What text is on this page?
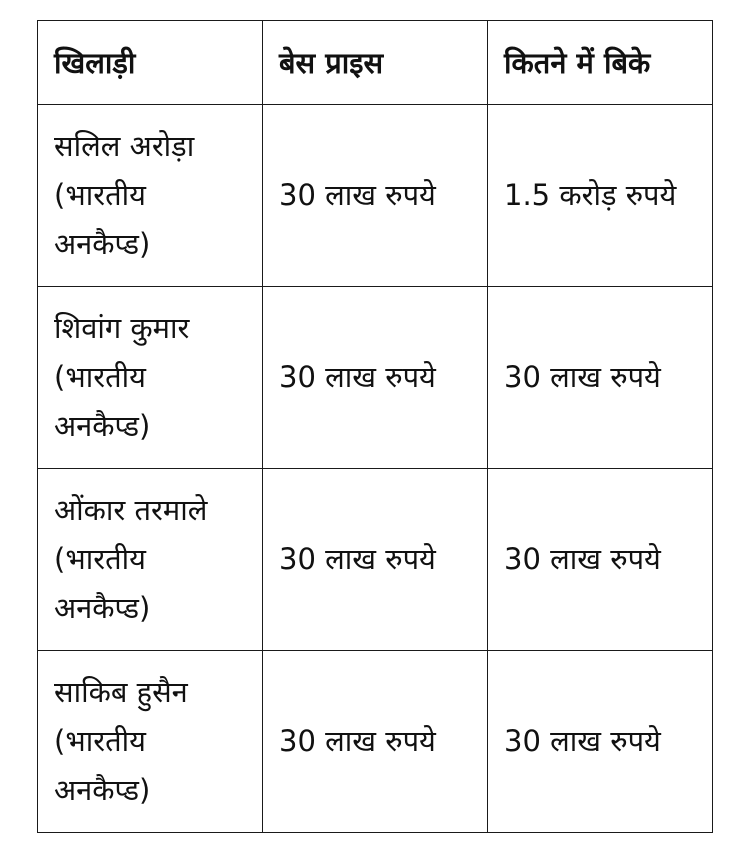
खिलाड़ी	बेस प्राइस	कितने में बिके

सलिल अरोड़ा
(भारतीय अनकैप्ड)	30 लाख रुपये	1.5 करोड़ रुपये

शिवांग कुमार
(भारतीय अनकैप्ड)	30 लाख रुपये	30 लाख रुपये

ओंकार तरमाले
(भारतीय अनकैप्ड)	30 लाख रुपये	30 लाख रुपये

साकिब हुसैन
(भारतीय अनकैप्ड)	30 लाख रुपये	30 लाख रुपये
